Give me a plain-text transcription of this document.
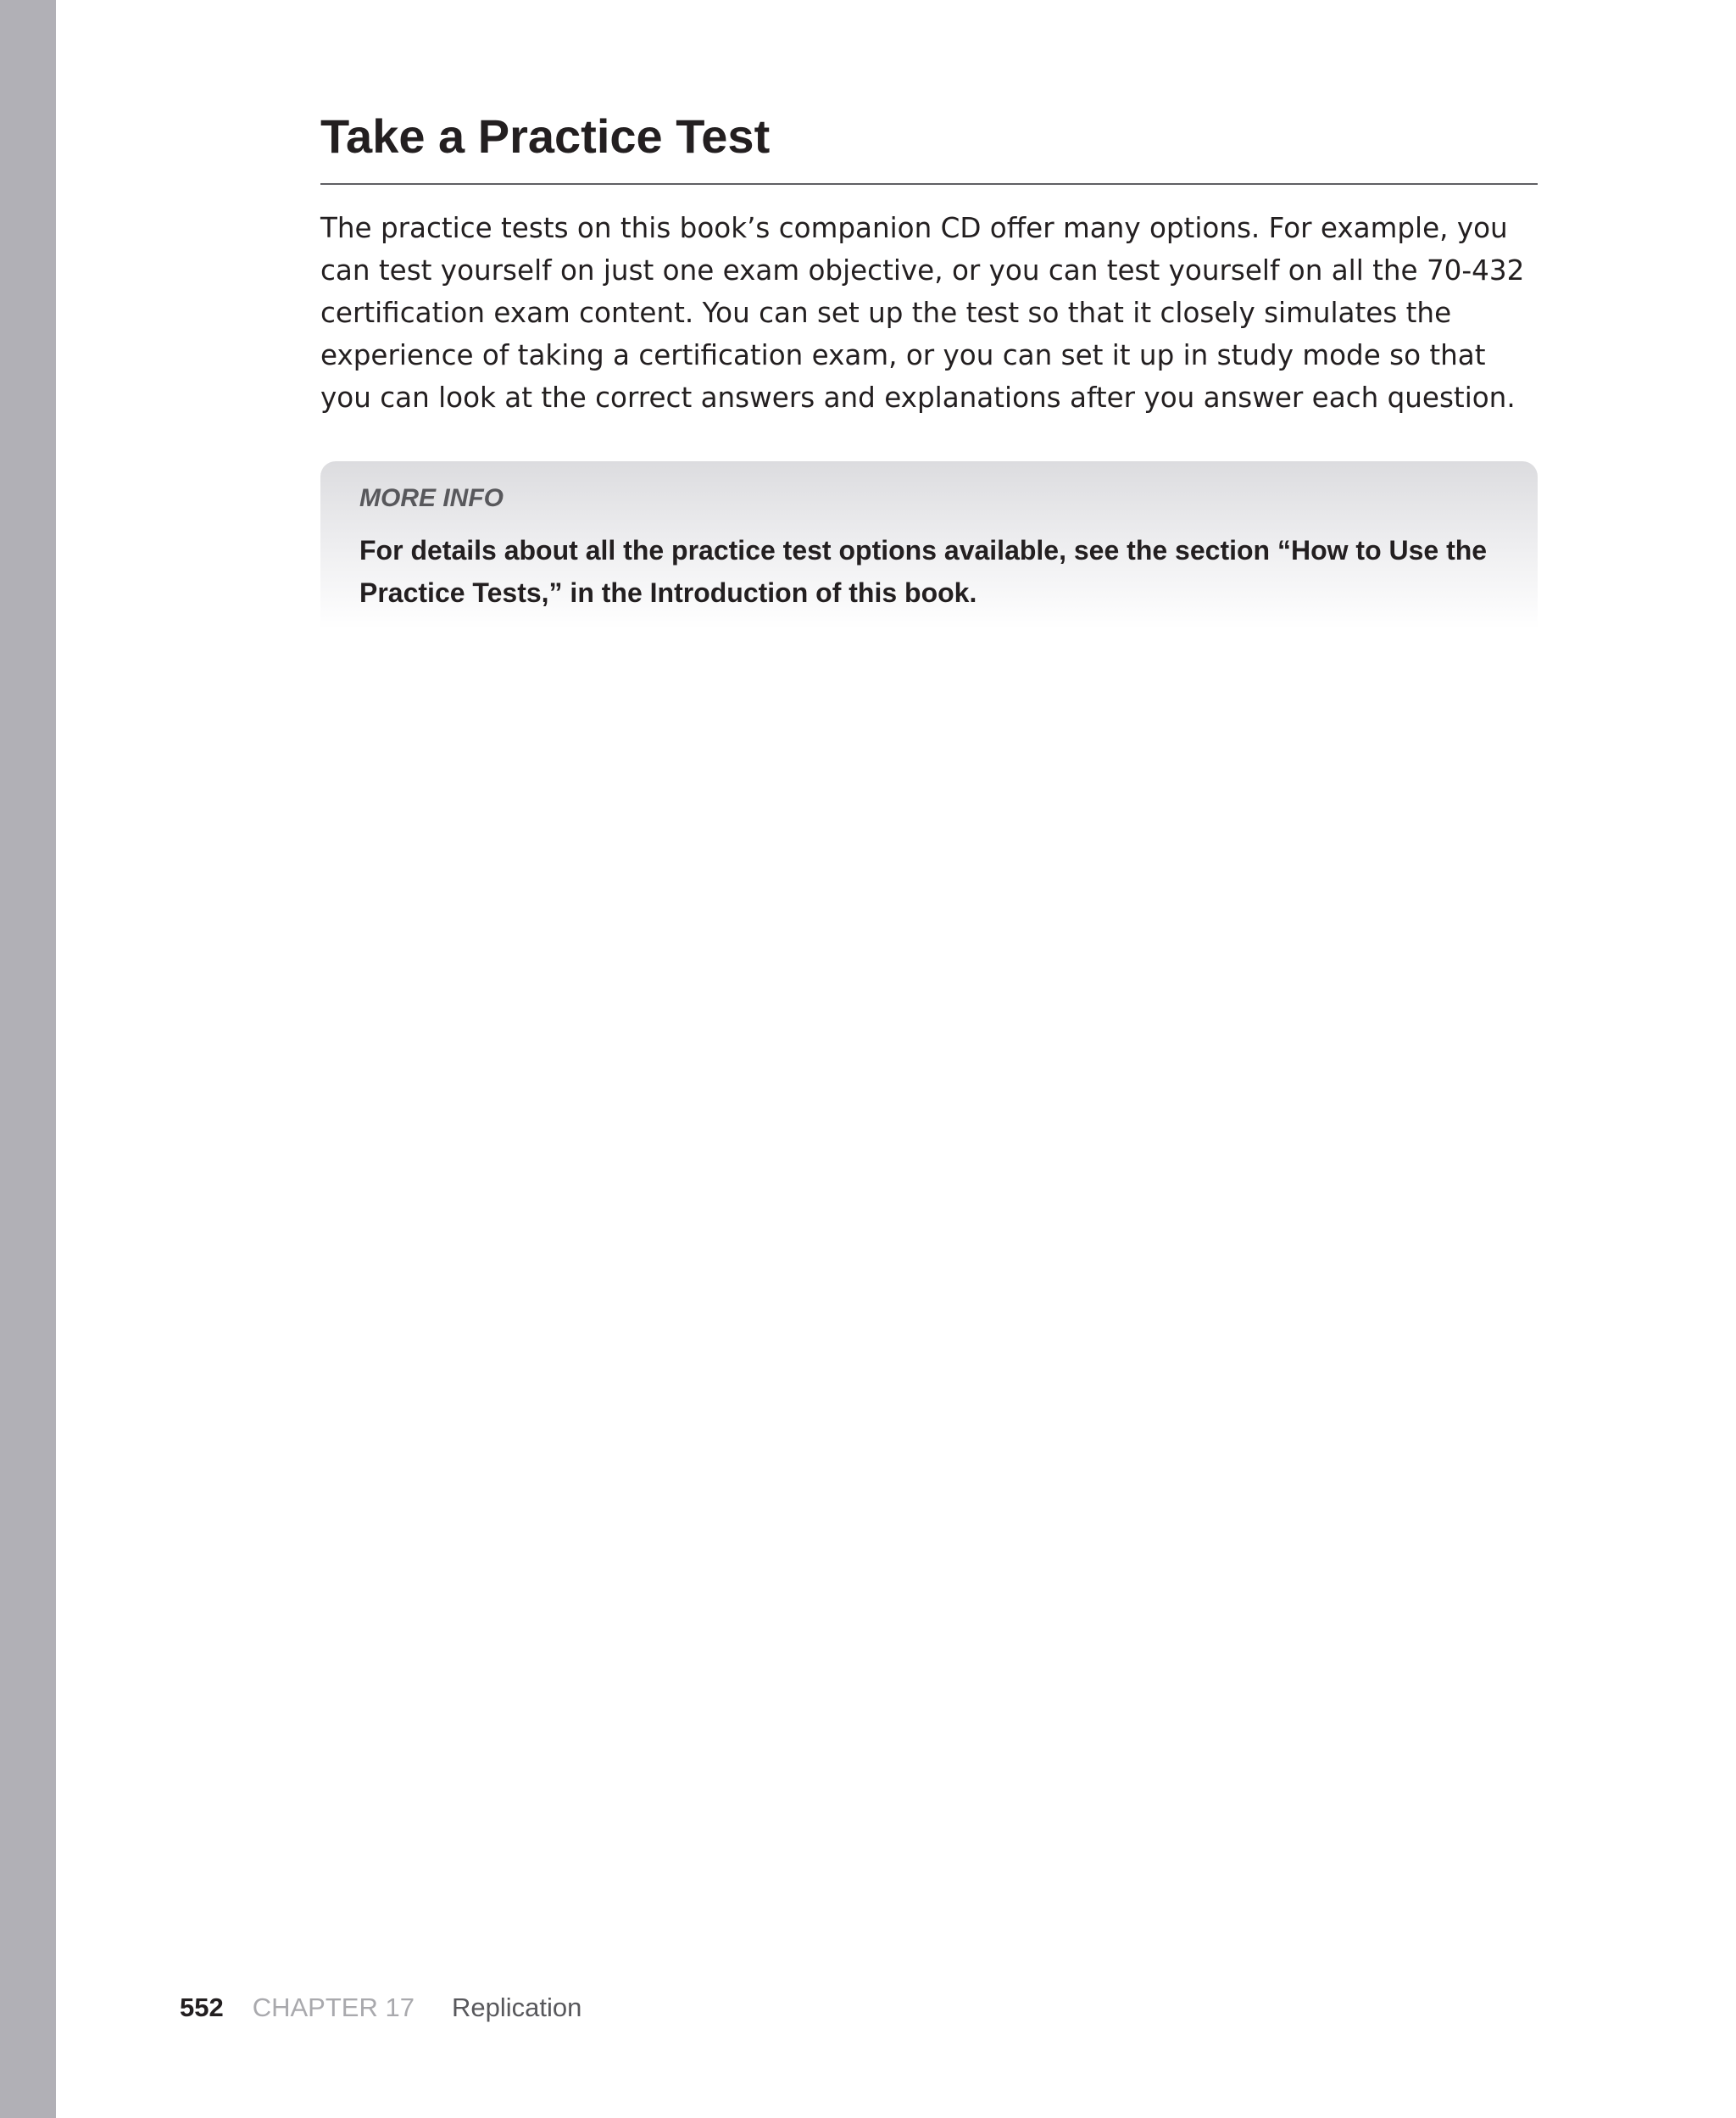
Take a Practice Test

The practice tests on this book’s companion CD offer many options. For example, you can test yourself on just one exam objective, or you can test yourself on all the 70-432 certification exam content. You can set up the test so that it closely simulates the experience of taking a certification exam, or you can set it up in study mode so that you can look at the correct answers and explanations after you answer each question.

MORE INFO

For details about all the practice test options available, see the section “How to Use the Practice Tests,” in the Introduction of this book.

552 CHAPTER 17 Replication
